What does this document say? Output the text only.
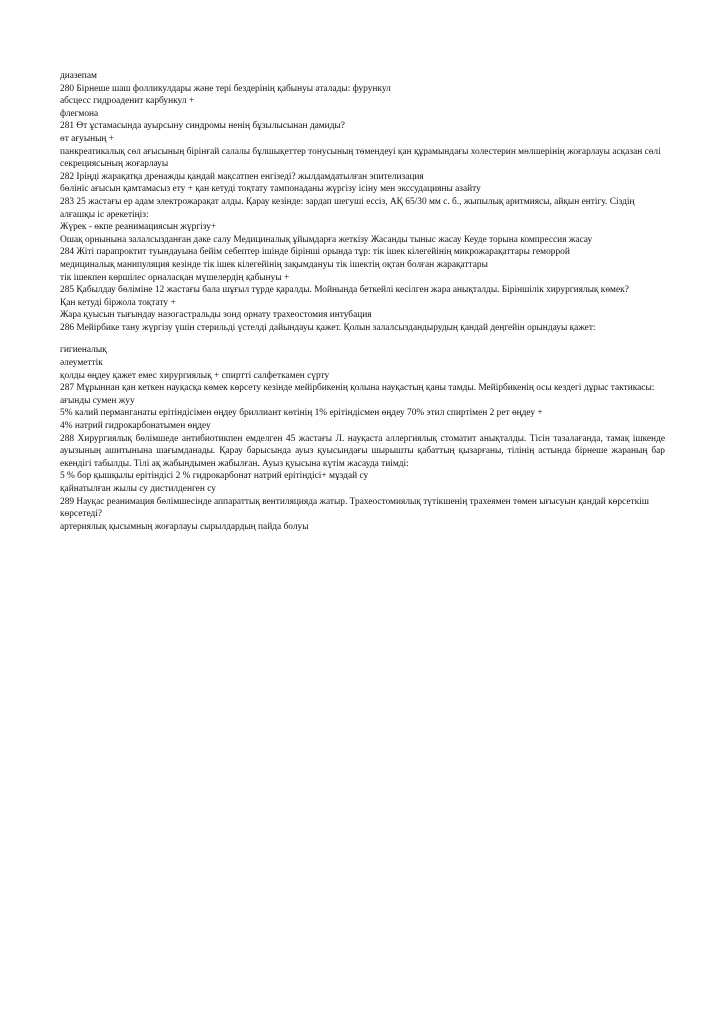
диазепам
280 Бірнеше шаш фолликулдары және тері бездерінің қабынуы аталады: фурункул
абсцесс гидроаденит карбункул +
флегмона
281 Өт ұстамасында ауырсыну синдромы ненің бұзылысынан дамиды?
өт ағуының +
панкреатикалық сөл ағысының бірінғай салалы бұлшықеттер тонусының төмендеуі қан құрамындағы холестерин мөлшерінің жоғарлауы асқазан сөлі секрециясының жоғарлауы
282 Іріңді жарақатқа дренажды қандай мақсатпен енгізеді? жылдамдатылған эпителизация
бөлініс ағысын қамтамасыз ету + қан кетуді тоқтату тампонаданы жүргізу ісіну мен экссудацияны азайту
283 25 жастағы ер адам электрожарақат алды. Қарау кезінде: зардап шегуші ессіз, АҚ 65/30 мм с. б., жыпылық аритмиясы, айқын ентігу. Сіздің алғашқы іс әрекетіңіз:
Жүрек - өкпе реанимациясын жүргізу+
Ошақ орнынына залалсызданған дәке салу Медициналық ұйымдарға жеткізу Жасанды тыныс жасау Кеуде торына компрессия жасау
284 Жіті парапроктит туындауына бейім себептер ішінде бірінші орында тұр: тік ішек кілегейінің микрожарақаттары геморрой
медициналық манипуляция кезінде тік ішек кілегейінің зақымдануы тік ішектің оқтан болған жарақаттары
тік ішекпен көршілес орналасқан мүшелердің қабынуы +
285 Қабылдау бөліміне 12 жастағы бала шұғыл түрде қаралды. Мойнында беткейлі кесілген жара анықталды. Біріншілік хирургиялық көмек?
Қан кетуді біржола тоқтату +
Жара қуысын тығындау назогастральды зонд орнату трахеостомия интубация
286 Мейірбике тану жүргізу үшін стерильді үстелді дайындауы қажет. Қолын залалсыздандырудың қандай деңгейін орындауы қажет:
гигиеналық
әлеуметтік
қолды өңдеу қажет емес хирургиялық + спиртті салфеткамен сүрту
287 Мұрыннан қан кеткен науқасқа көмек көрсету кезінде мейірбикенің қолына науқастың қаны тамды. Мейірбикенің осы кездегі дұрыс тактикасы:
ағынды сумен жуу
5% калий перманганаты ерітіндісімен өңдеу бриллиант көтінің 1% ерітіндісмен өңдеу 70% этил спиртімен 2 рет өңдеу +
4% натрий гидрокарбонатымен өңдеу
288 Хирургиялық бөлімшеде антибиотикпен емделген 45 жастағы Л. науқаста аллергиялық стоматит анықталды. Тісін тазалағанда, тамақ ішкенде ауызының ашитынына шағымданады. Қарау барысында ауыз қуысындағы шырышты қабаттың қызарғаны, тілінің астында бірнеше жараның бар екендігі табылды. Тілі ақ жабындымен жабылған. Ауыз қуысына күтім жасауда тиімді:
5 % бор қышқылы ерітіндісі 2 % гидрокарбонат натрий ерітіндісі+ мұздай су
қайнатылған жылы су дистилденген су
289 Науқас реанимация бөлімшесінде аппараттық вентиляцияда жатыр. Трахеостомиялық түтікшенің трахеямен төмен ығысуын қандай көрсеткіш көрсетеді?
артериялық қысымның жоғарлауы сырылдардың пайда болуы
